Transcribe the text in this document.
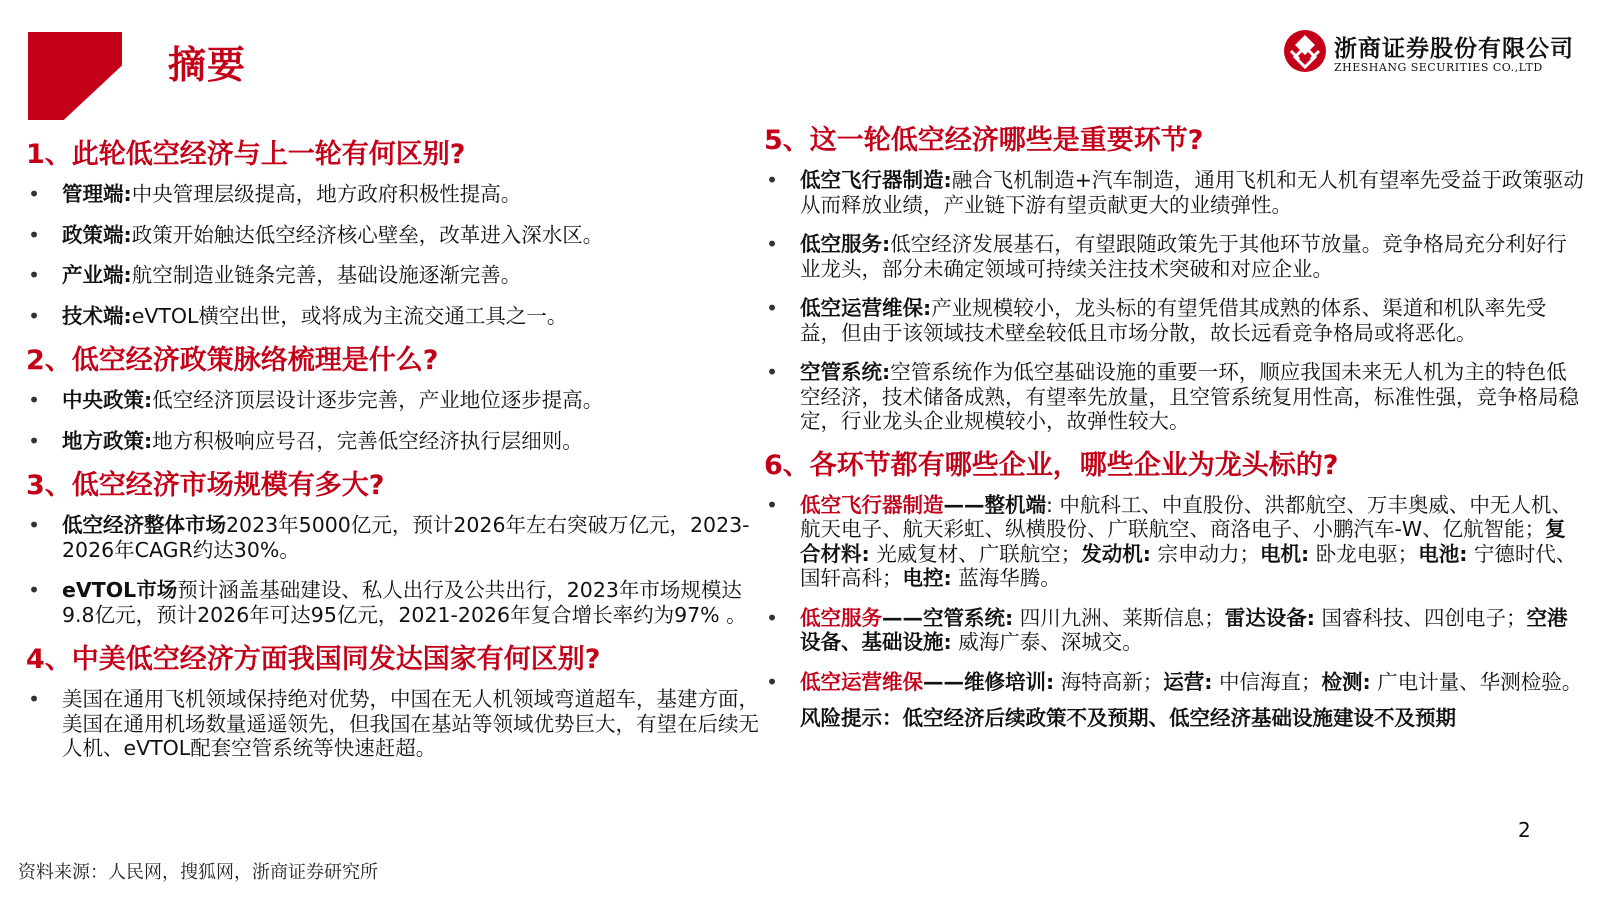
摘要	浙商证券股份有限公司
ZHESHANG SECURITIES CO.,LTD
1、此轮低空经济与上一轮有何区别?
• 管理端:中央管理层级提高，地方政府积极性提高。
• 政策端:政策开始触达低空经济核心壁垒，改革进入深水区。
• 产业端:航空制造业链条完善，基础设施逐渐完善。
• 技术端:eVTOL横空出世，或将成为主流交通工具之一。
2、低空经济政策脉络梳理是什么?
• 中央政策:低空经济顶层设计逐步完善，产业地位逐步提高。
• 地方政策:地方积极响应号召，完善低空经济执行层细则。
3、低空经济市场规模有多大?
• 低空经济整体市场2023年5000亿元，预计2026年左右突破万亿元，2023-2026年CAGR约达30%。
• eVTOL市场预计涵盖基础建设、私人出行及公共出行，2023年市场规模达9.8亿元，预计2026年可达95亿元，2021-2026年复合增长率约为97% 。
4、中美低空经济方面我国同发达国家有何区别?
• 美国在通用飞机领域保持绝对优势，中国在无人机领域弯道超车，基建方面，美国在通用机场数量遥遥领先，但我国在基站等领域优势巨大，有望在后续无人机、eVTOL配套空管系统等快速赶超。
5、这一轮低空经济哪些是重要环节?
• 低空飞行器制造:融合飞机制造+汽车制造，通用飞机和无人机有望率先受益于政策驱动从而释放业绩，产业链下游有望贡献更大的业绩弹性。
• 低空服务:低空经济发展基石，有望跟随政策先于其他环节放量。竞争格局充分利好行业龙头，部分未确定领域可持续关注技术突破和对应企业。
• 低空运营维保:产业规模较小，龙头标的有望凭借其成熟的体系、渠道和机队率先受益，但由于该领域技术壁垒较低且市场分散，故长远看竞争格局或将恶化。
• 空管系统:空管系统作为低空基础设施的重要一环，顺应我国未来无人机为主的特色低空经济，技术储备成熟，有望率先放量，且空管系统复用性高，标准性强，竞争格局稳定，行业龙头企业规模较小，故弹性较大。
6、各环节都有哪些企业，哪些企业为龙头标的?
• 低空飞行器制造——整机端: 中航科工、中直股份、洪都航空、万丰奥威、中无人机、航天电子、航天彩虹、纵横股份、广联航空、商洛电子、小鹏汽车-W、亿航智能；复合材料: 光威复材、广联航空；发动机: 宗申动力；电机: 卧龙电驱；电池: 宁德时代、国轩高科；电控: 蓝海华腾。
• 低空服务——空管系统: 四川九洲、莱斯信息；雷达设备: 国睿科技、四创电子；空港设备、基础设施: 威海广泰、深城交。
• 低空运营维保——维修培训: 海特高新；运营: 中信海直；检测: 广电计量、华测检验。
风险提示：低空经济后续政策不及预期、低空经济基础设施建设不及预期
2
资料来源：人民网，搜狐网，浙商证券研究所
